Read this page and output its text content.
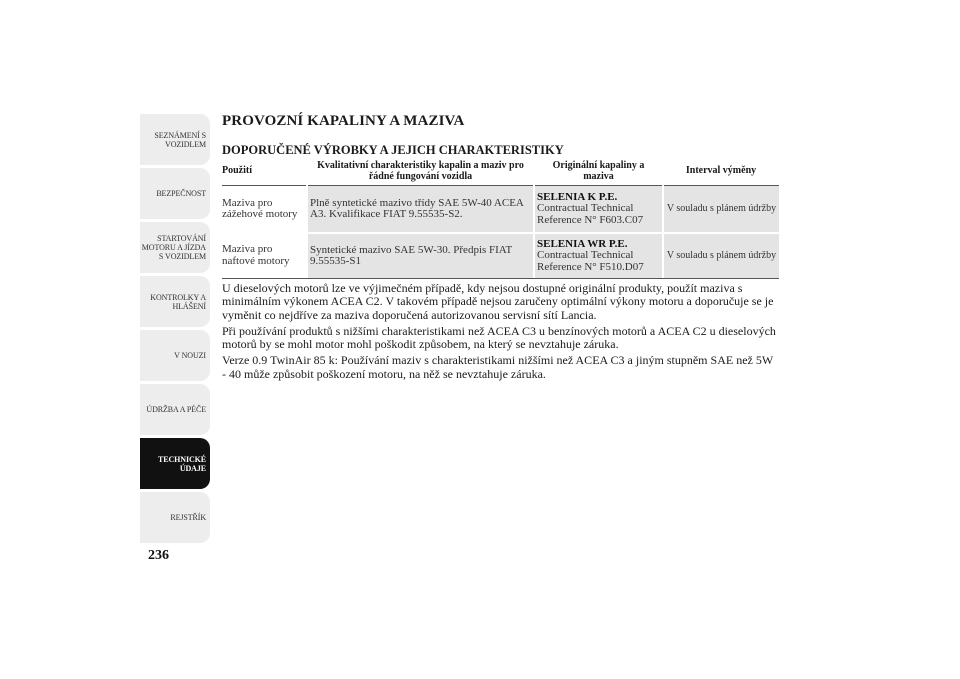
SEZNÁMENÍ S
VOZIDLEM
BEZPEČNOST
STARTOVÁNÍ
MOTORU A JÍZDA
S VOZIDLEM
KONTROLKY A
HLÁŠENÍ
V NOUZI
ÚDRŽBA A PÉČE
TECHNICKÉ
ÚDAJE
REJSTŘÍK
236
PROVOZNÍ KAPALINY A MAZIVA
DOPORUČENÉ VÝROBKY A JEJICH CHARAKTERISTIKY
Použití	Kvalitativní charakteristiky kapalin a maziv pro řádné fungování vozidla	Originální kapaliny a maziva	Interval výměny
Maziva pro zážehové motory	Plně syntetické mazivo třídy SAE 5W-40 ACEA A3. Kvalifikace FIAT 9.55535-S2.	SELENIA K P.E.
Contractual Technical Reference N° F603.C07	V souladu s plánem údržby
Maziva pro naftové motory	Syntetické mazivo SAE 5W-30. Předpis FIAT 9.55535-S1	SELENIA WR P.E.
Contractual Technical Reference N° F510.D07	V souladu s plánem údržby

U dieselových motorů lze ve výjimečném případě, kdy nejsou dostupné originální produkty, použít maziva s minimálním výkonem ACEA C2. V takovém případě nejsou zaručeny optimální výkony motoru a doporučuje se je vyměnit co nejdříve za maziva doporučená autorizovanou servisní sítí Lancia.

Při používání produktů s nižšími charakteristikami než ACEA C3 u benzínových motorů a ACEA C2 u dieselových motorů by se mohl motor mohl poškodit způsobem, na který se nevztahuje záruka.

Verze 0.9 TwinAir 85 k: Používání maziv s charakteristikami nižšími než ACEA C3 a jiným stupněm SAE než 5W - 40 může způsobit poškození motoru, na něž se nevztahuje záruka.
